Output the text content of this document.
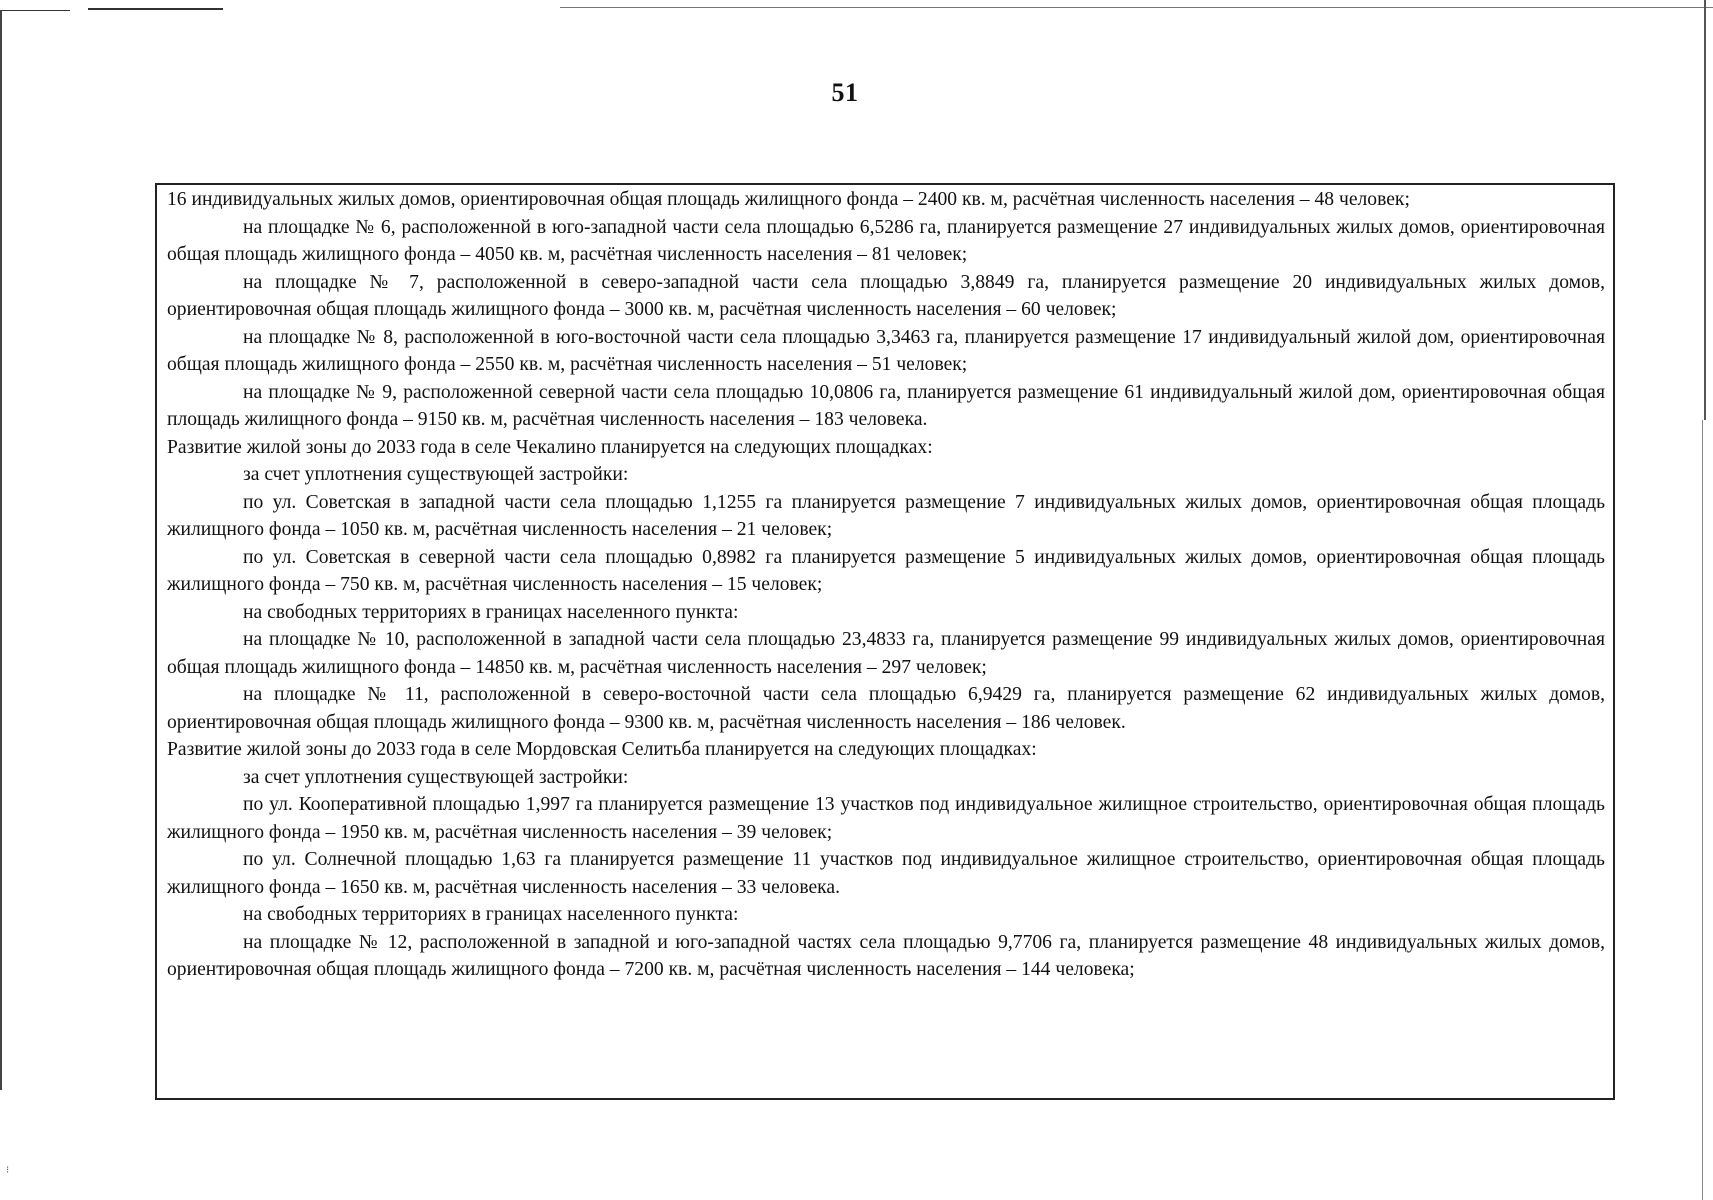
⁝
51

16 индивидуальных жилых домов, ориентировочная общая площадь жилищного фонда – 2400 кв. м, расчётная численность населения – 48 человек;

на площадке № 6, расположенной в юго-западной части села площадью 6,5286 га, планируется размещение 27 индивидуальных жилых домов, ориентировочная общая площадь жилищного фонда – 4050 кв. м, расчётная численность населения – 81 человек;

на площадке № 7, расположенной в северо-западной части села площадью 3,8849 га, планируется размещение 20 индивидуальных жилых домов, ориентировочная общая площадь жилищного фонда – 3000 кв. м, расчётная численность населения – 60 человек;

на площадке № 8, расположенной в юго-восточной части села площадью 3,3463 га, планируется размещение 17 индивидуальный жилой дом, ориентировочная общая площадь жилищного фонда – 2550 кв. м, расчётная численность населения – 51 человек;

на площадке № 9, расположенной северной части села площадью 10,0806 га, планируется размещение 61 индивидуальный жилой дом, ориентировочная общая площадь жилищного фонда – 9150 кв. м, расчётная численность населения – 183 человека.

Развитие жилой зоны до 2033 года в селе Чекалино планируется на следующих площадках:

за счет уплотнения существующей застройки:

по ул. Советская в западной части села площадью 1,1255 га планируется размещение 7 индивидуальных жилых домов, ориентировочная общая площадь жилищного фонда – 1050 кв. м, расчётная численность населения – 21 человек;

по ул. Советская в северной части села площадью 0,8982 га планируется размещение 5 индивидуальных жилых домов, ориентировочная общая площадь жилищного фонда – 750 кв. м, расчётная численность населения – 15 человек;

на свободных территориях в границах населенного пункта:

на площадке № 10, расположенной в западной части села площадью 23,4833 га, планируется размещение 99 индивидуальных жилых домов, ориентировочная общая площадь жилищного фонда – 14850 кв. м, расчётная численность населения – 297 человек;

на площадке № 11, расположенной в северо-восточной части села площадью 6,9429 га, планируется размещение 62 индивидуальных жилых домов, ориентировочная общая площадь жилищного фонда – 9300 кв. м, расчётная численность населения – 186 человек.

Развитие жилой зоны до 2033 года в селе Мордовская Селитьба планируется на следующих площадках:

за счет уплотнения существующей застройки:

по ул. Кооперативной площадью 1,997 га планируется размещение 13 участков под индивидуальное жилищное строительство, ориентировочная общая площадь жилищного фонда – 1950 кв. м, расчётная численность населения – 39 человек;

по ул. Солнечной площадью 1,63 га планируется размещение 11 участков под индивидуальное жилищное строительство, ориентировочная общая площадь жилищного фонда – 1650 кв. м, расчётная численность населения – 33 человека.

на свободных территориях в границах населенного пункта:

на площадке № 12, расположенной в западной и юго-западной частях села площадью 9,7706 га, планируется размещение 48 индивидуальных жилых домов, ориентировочная общая площадь жилищного фонда – 7200 кв. м, расчётная численность населения – 144 человека;
